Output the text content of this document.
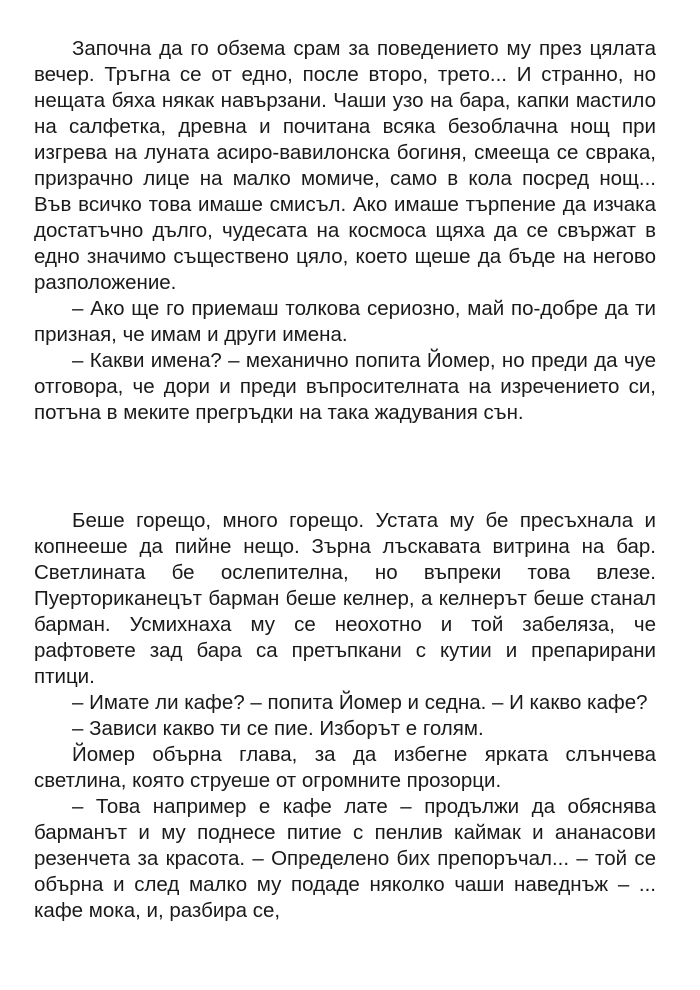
Започна да го обзема срам за поведението му през цялата вечер. Тръгна се от едно, после второ, трето... И странно, но нещата бяха някак навързани. Чаши узо на бара, капки мастило на салфетка, древна и почитана всяка безоблачна нощ при изгрева на луната асиро-вавилонска богиня, смееща се сврака, призрачно лице на малко момиче, само в кола посред нощ... Във всичко това имаше смисъл. Ако имаше търпение да изчака достатъчно дълго, чудесата на космоса щяха да се свържат в едно значимо съществено цяло, което щеше да бъде на негово разположение.

– Ако ще го приемаш толкова сериозно, май по-добре да ти призная, че имам и други имена.

– Какви имена? – механично попита Йомер, но преди да чуе отговора, че дори и преди въпросителната на изречението си, потъна в меките прегръдки на така жадувания сън.

Беше горещо, много горещо. Устата му бе пресъхнала и копнееше да пийне нещо. Зърна лъскавата витрина на бар. Светлината бе ослепителна, но въпреки това влезе. Пуерториканецът барман беше келнер, а келнерът беше станал барман. Усмихнаха му се неохотно и той забеляза, че рафтовете зад бара са претъпкани с кутии и препарирани птици.

– Имате ли кафе? – попита Йомер и седна. – И какво кафе?

– Зависи какво ти се пие. Изборът е голям.

Йомер обърна глава, за да избегне ярката слънчева светлина, която струеше от огромните прозорци.

– Това например е кафе лате – продължи да обяснява барманът и му поднесе питие с пенлив каймак и ананасови резенчета за красота. – Определено бих препоръчал... – той се обърна и след малко му подаде няколко чаши наведнъж – ... кафе мока, и, разбира се,
